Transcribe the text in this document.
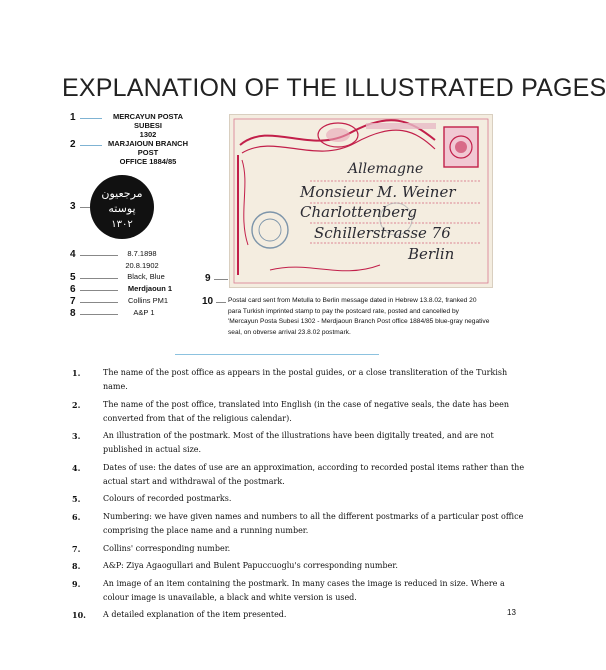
EXPLANATION OF THE ILLUSTRATED PAGES
1	MERCAYUN POSTA SUBESI
1302
2	MARJAIOUN BRANCH POST
OFFICE 1884/85
3
مرجعيون
پوسته
١٣٠٢
4	8.7.1898
20.8.1902
5	Black, Blue
6	Merdjaoun 1
7	Collins PM1
8	A&P 1
9
10
Allemagne
Monsieur M. Weiner
Charlottenberg
Schillerstrasse 76
Berlin
Postal card sent from Metulla to Berlin message dated in Hebrew 13.8.02, franked 20 para Turkish imprinted stamp to pay the postcard rate, posted and cancelled by 'Mercayun Posta Subesi 1302 - Merdjaoun Branch Post office 1884/85 blue-gray negative seal, on obverse arrival 23.8.02 postmark.
1.	The name of the post office as appears in the postal guides, or a close transliteration of the Turkish name.
2.	The name of the post office, translated into English (in the case of negative seals, the date has been converted from that of the religious calendar).
3.	An illustration of the postmark. Most of the illustrations have been digitally treated, and are not published in actual size.
4.	Dates of use: the dates of use are an approximation, according to recorded postal items rather than the actual start and withdrawal of the postmark.
5.	Colours of recorded postmarks.
6.	Numbering: we have given names and numbers to all the different postmarks of a particular post office comprising the place name and a running number.
7.	Collins' corresponding number.
8.	A&P: Ziya Agaogullari and Bulent Papuccuoglu's corresponding number.
9.	An image of an item containing the postmark. In many cases the image is reduced in size. Where a colour image is unavailable, a black and white version is used.
10. A detailed explanation of the item presented.	13
